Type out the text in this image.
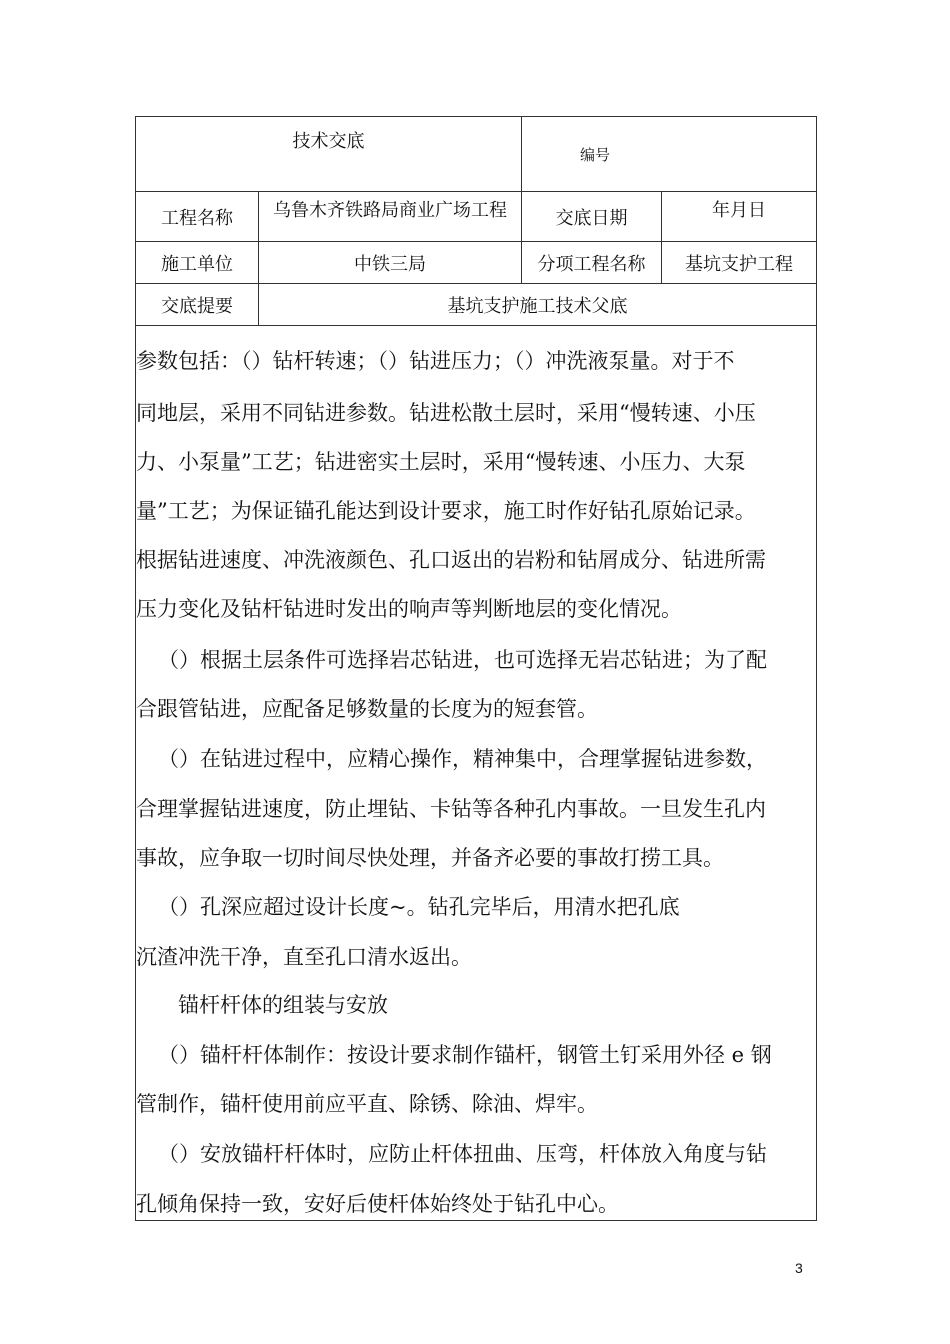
技术交底		编号	
工程名称	乌鲁木齐铁路局商业广场工程	交底日期	年月日
施工单位	中铁三局	分项工程名称	基坑支护工程
交底提要	基坑支护施工技术父底		
参数包括：（）钻杆转速；（）钻进压力；（）冲洗液泵量。对于不
同地层，采用不同钻进参数。钻进松散土层时，采用“慢转速、小压
力、小泵量”工艺；钻进密实土层时，采用“慢转速、小压力、大泵
量”工艺；为保证锚孔能达到设计要求，施工时作好钻孔原始记录。
根据钻进速度、冲洗液颜色、孔口返出的岩粉和钻屑成分、钻进所需
压力变化及钻杆钻进时发出的响声等判断地层的变化情况。
（）根据土层条件可选择岩芯钻进，也可选择无岩芯钻进；为了配
合跟管钻进，应配备足够数量的长度为的短套管。
（）在钻进过程中，应精心操作，精神集中，合理掌握钻进参数，
合理掌握钻进速度，防止埋钻、卡钻等各种孔内事故。一旦发生孔内
事故，应争取一切时间尽快处理，并备齐必要的事故打捞工具。
（）孔深应超过设计长度~。钻孔完毕后，用清水把孔底
沉渣冲洗干净，直至孔口清水返出。
锚杆杆体的组装与安放
（）锚杆杆体制作：按设计要求制作锚杆，钢管土钉采用外径 e 钢
管制作，锚杆使用前应平直、除锈、除油、焊牢。
（）安放锚杆杆体时，应防止杆体扭曲、压弯，杆体放入角度与钻
孔倾角保持一致，安好后使杆体始终处于钻孔中心。
3
